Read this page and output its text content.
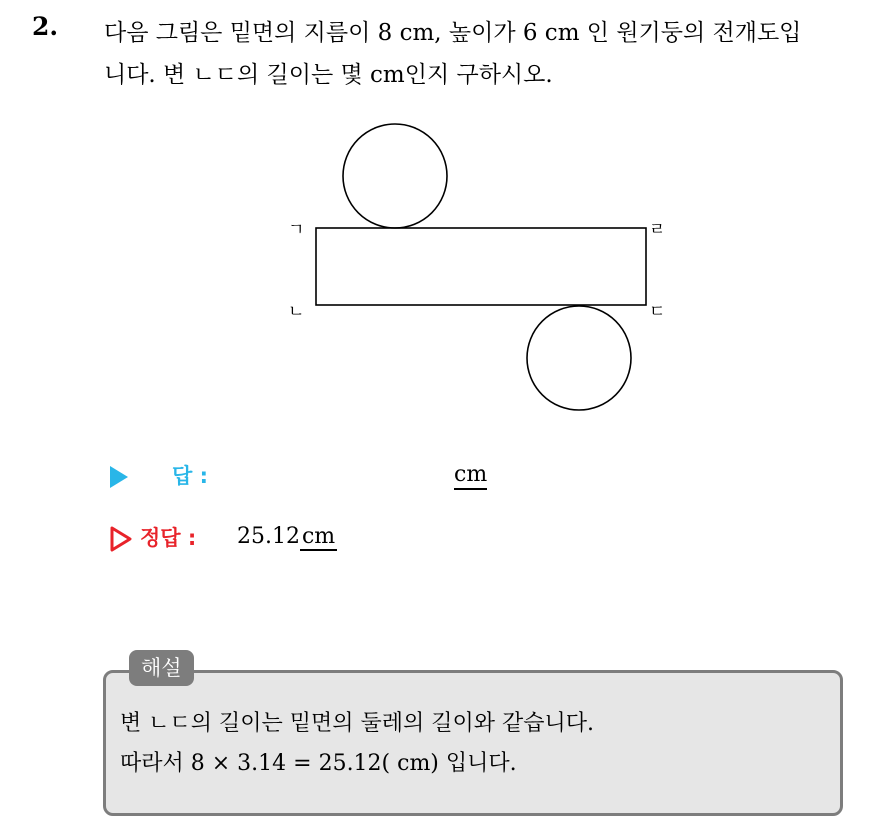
2. 다음 그림은 밑면의 지름이 8 cm, 높이가 6 cm 인 원기둥의 전개도입
니다. 변 ㄴㄷ의 길이는 몇 cm인지 구하시오.
ㄱ
ㄴ	ㄷ
ㄹ
답 :	cm
정답 : 25.12cm
해설
변 ㄴㄷ의 길이는 밑면의 둘레의 길이와 같습니다.
따라서 8 × 3.14 = 25.12( cm) 입니다.
